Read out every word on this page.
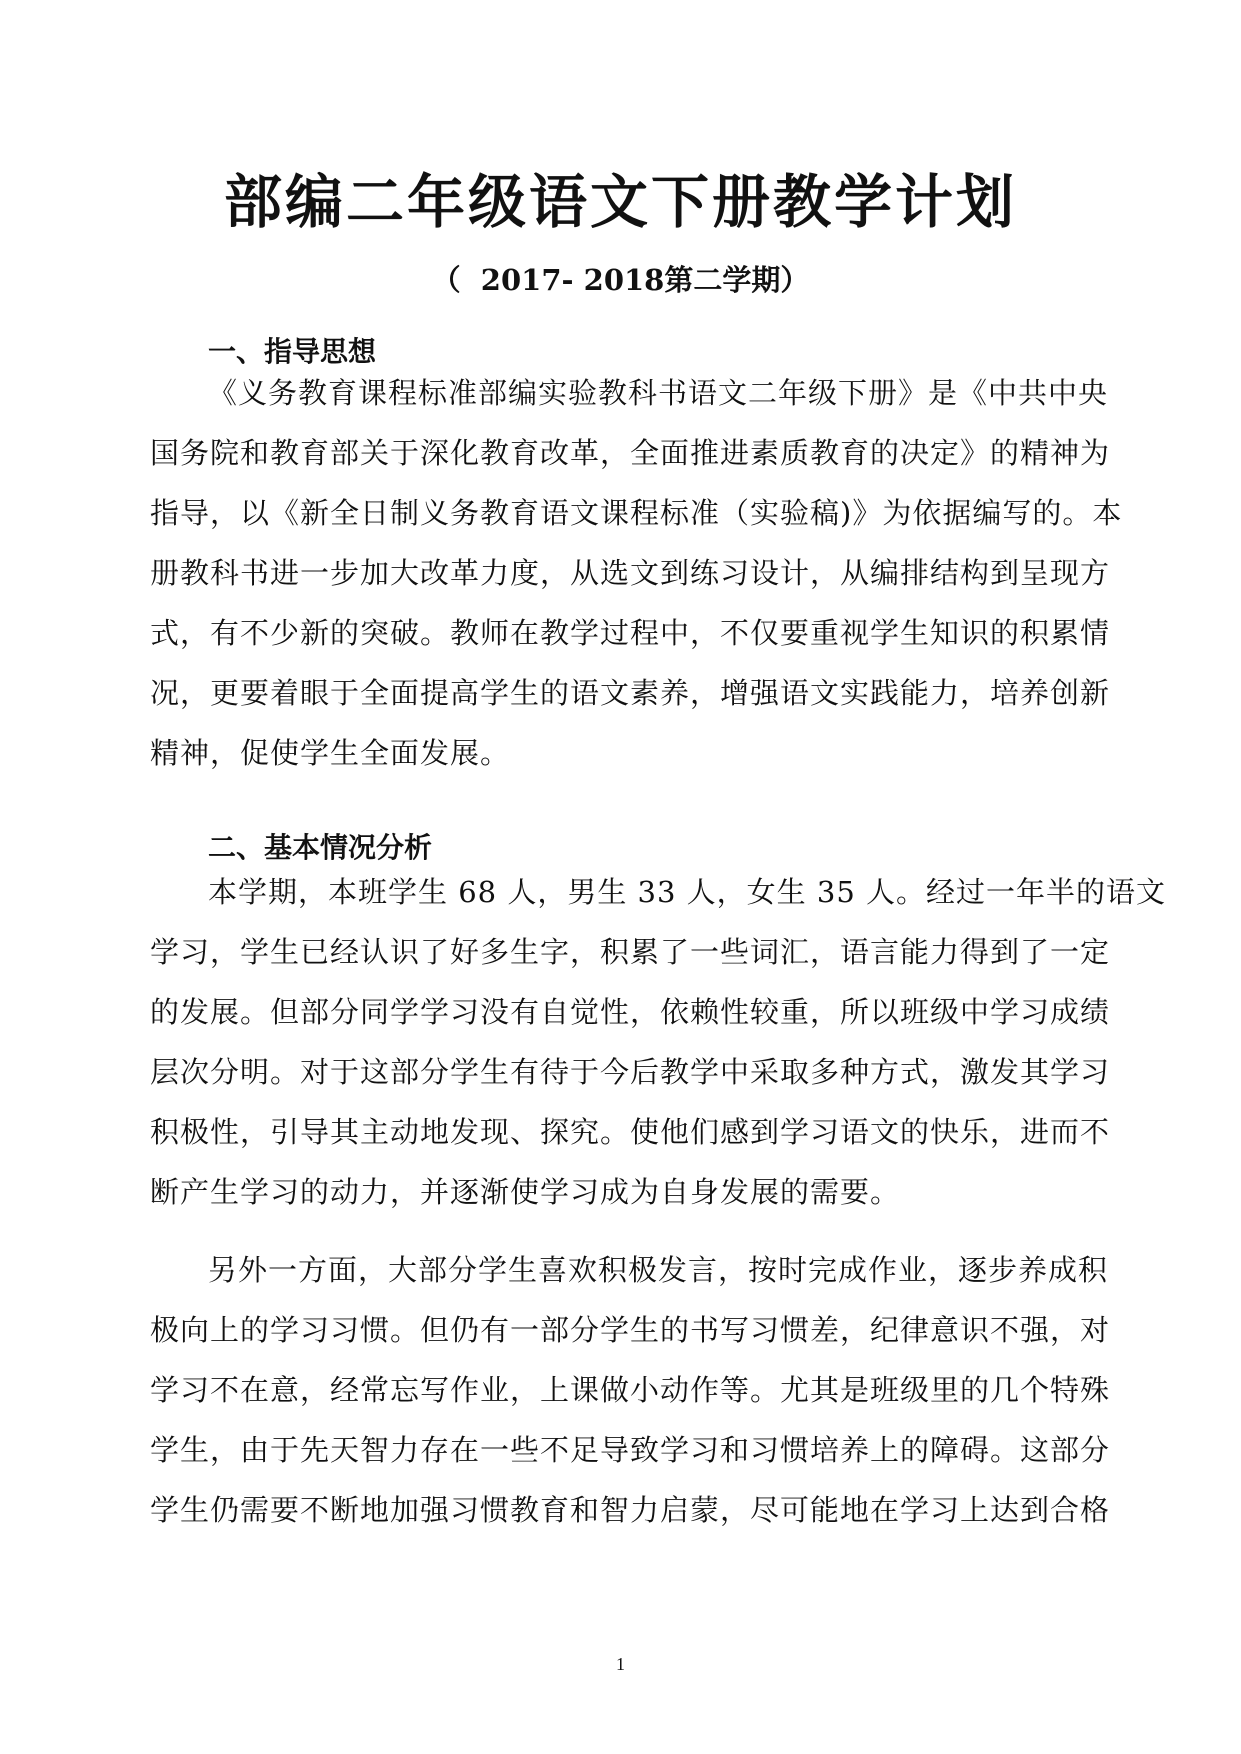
部编二年级语文下册教学计划

（  2017- 2018第二学期）

一、指导思想
《义务教育课程标准部编实验教科书语文二年级下册》是《中共中央
国务院和教育部关于深化教育改革，全面推进素质教育的决定》的精神为
指导，以《新全日制义务教育语文课程标准（实验稿)》为依据编写的。本
册教科书进一步加大改革力度，从选文到练习设计，从编排结构到呈现方
式，有不少新的突破。教师在教学过程中，不仅要重视学生知识的积累情
况，更要着眼于全面提高学生的语文素养，增强语文实践能力，培养创新
精神，促使学生全面发展。
二、基本情况分析
本学期，本班学生 68 人，男生 33 人，女生 35 人。经过一年半的语文
学习，学生已经认识了好多生字，积累了一些词汇，语言能力得到了一定
的发展。但部分同学学习没有自觉性，依赖性较重，所以班级中学习成绩
层次分明。对于这部分学生有待于今后教学中采取多种方式，激发其学习
积极性，引导其主动地发现、探究。使他们感到学习语文的快乐，进而不
断产生学习的动力，并逐渐使学习成为自身发展的需要。
另外一方面，大部分学生喜欢积极发言，按时完成作业，逐步养成积
极向上的学习习惯。但仍有一部分学生的书写习惯差，纪律意识不强，对
学习不在意，经常忘写作业，上课做小动作等。尤其是班级里的几个特殊
学生，由于先天智力存在一些不足导致学习和习惯培养上的障碍。这部分
学生仍需要不断地加强习惯教育和智力启蒙，尽可能地在学习上达到合格
1
